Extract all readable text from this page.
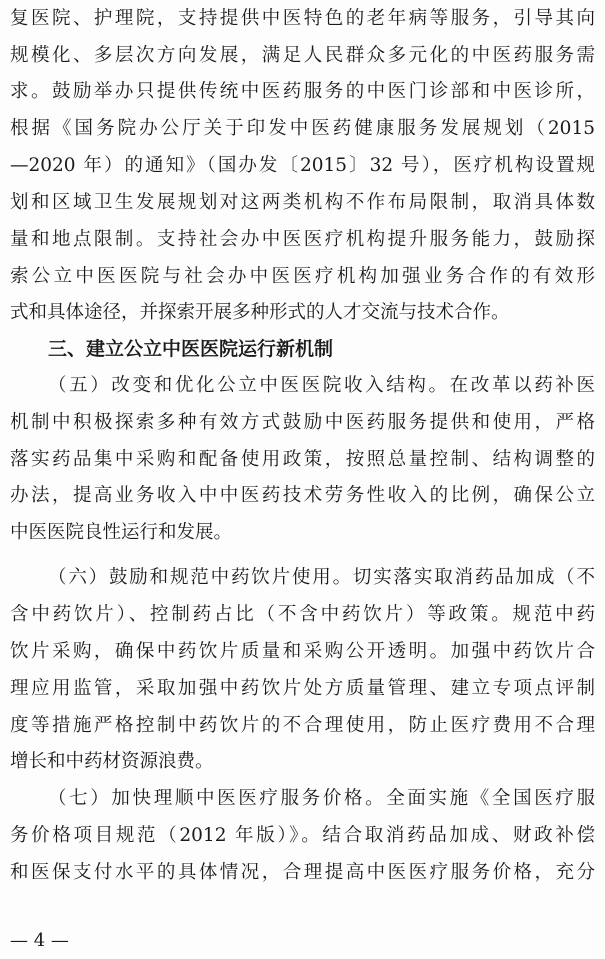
复医院、护理院，支持提供中医特色的老年病等服务，引导其向
规模化、多层次方向发展，满足人民群众多元化的中医药服务需
求。鼓励举办只提供传统中医药服务的中医门诊部和中医诊所，
根据《国务院办公厅关于印发中医药健康服务发展规划（2015
—2020 年）的通知》（国办发〔2015〕32 号），医疗机构设置规
划和区域卫生发展规划对这两类机构不作布局限制，取消具体数
量和地点限制。支持社会办中医医疗机构提升服务能力，鼓励探
索公立中医医院与社会办中医医疗机构加强业务合作的有效形
式和具体途径，并探索开展多种形式的人才交流与技术合作。
三、建立公立中医医院运行新机制
（五）改变和优化公立中医医院收入结构。在改革以药补医
机制中积极探索多种有效方式鼓励中医药服务提供和使用，严格
落实药品集中采购和配备使用政策，按照总量控制、结构调整的
办法，提高业务收入中中医药技术劳务性收入的比例，确保公立
中医医院良性运行和发展。
（六）鼓励和规范中药饮片使用。切实落实取消药品加成（不
含中药饮片）、控制药占比（不含中药饮片）等政策。规范中药
饮片采购，确保中药饮片质量和采购公开透明。加强中药饮片合
理应用监管，采取加强中药饮片处方质量管理、建立专项点评制
度等措施严格控制中药饮片的不合理使用，防止医疗费用不合理
增长和中药材资源浪费。
（七）加快理顺中医医疗服务价格。全面实施《全国医疗服
务价格项目规范（2012 年版）》。结合取消药品加成、财政补偿
和医保支付水平的具体情况，合理提高中医医疗服务价格，充分
— 4 —
